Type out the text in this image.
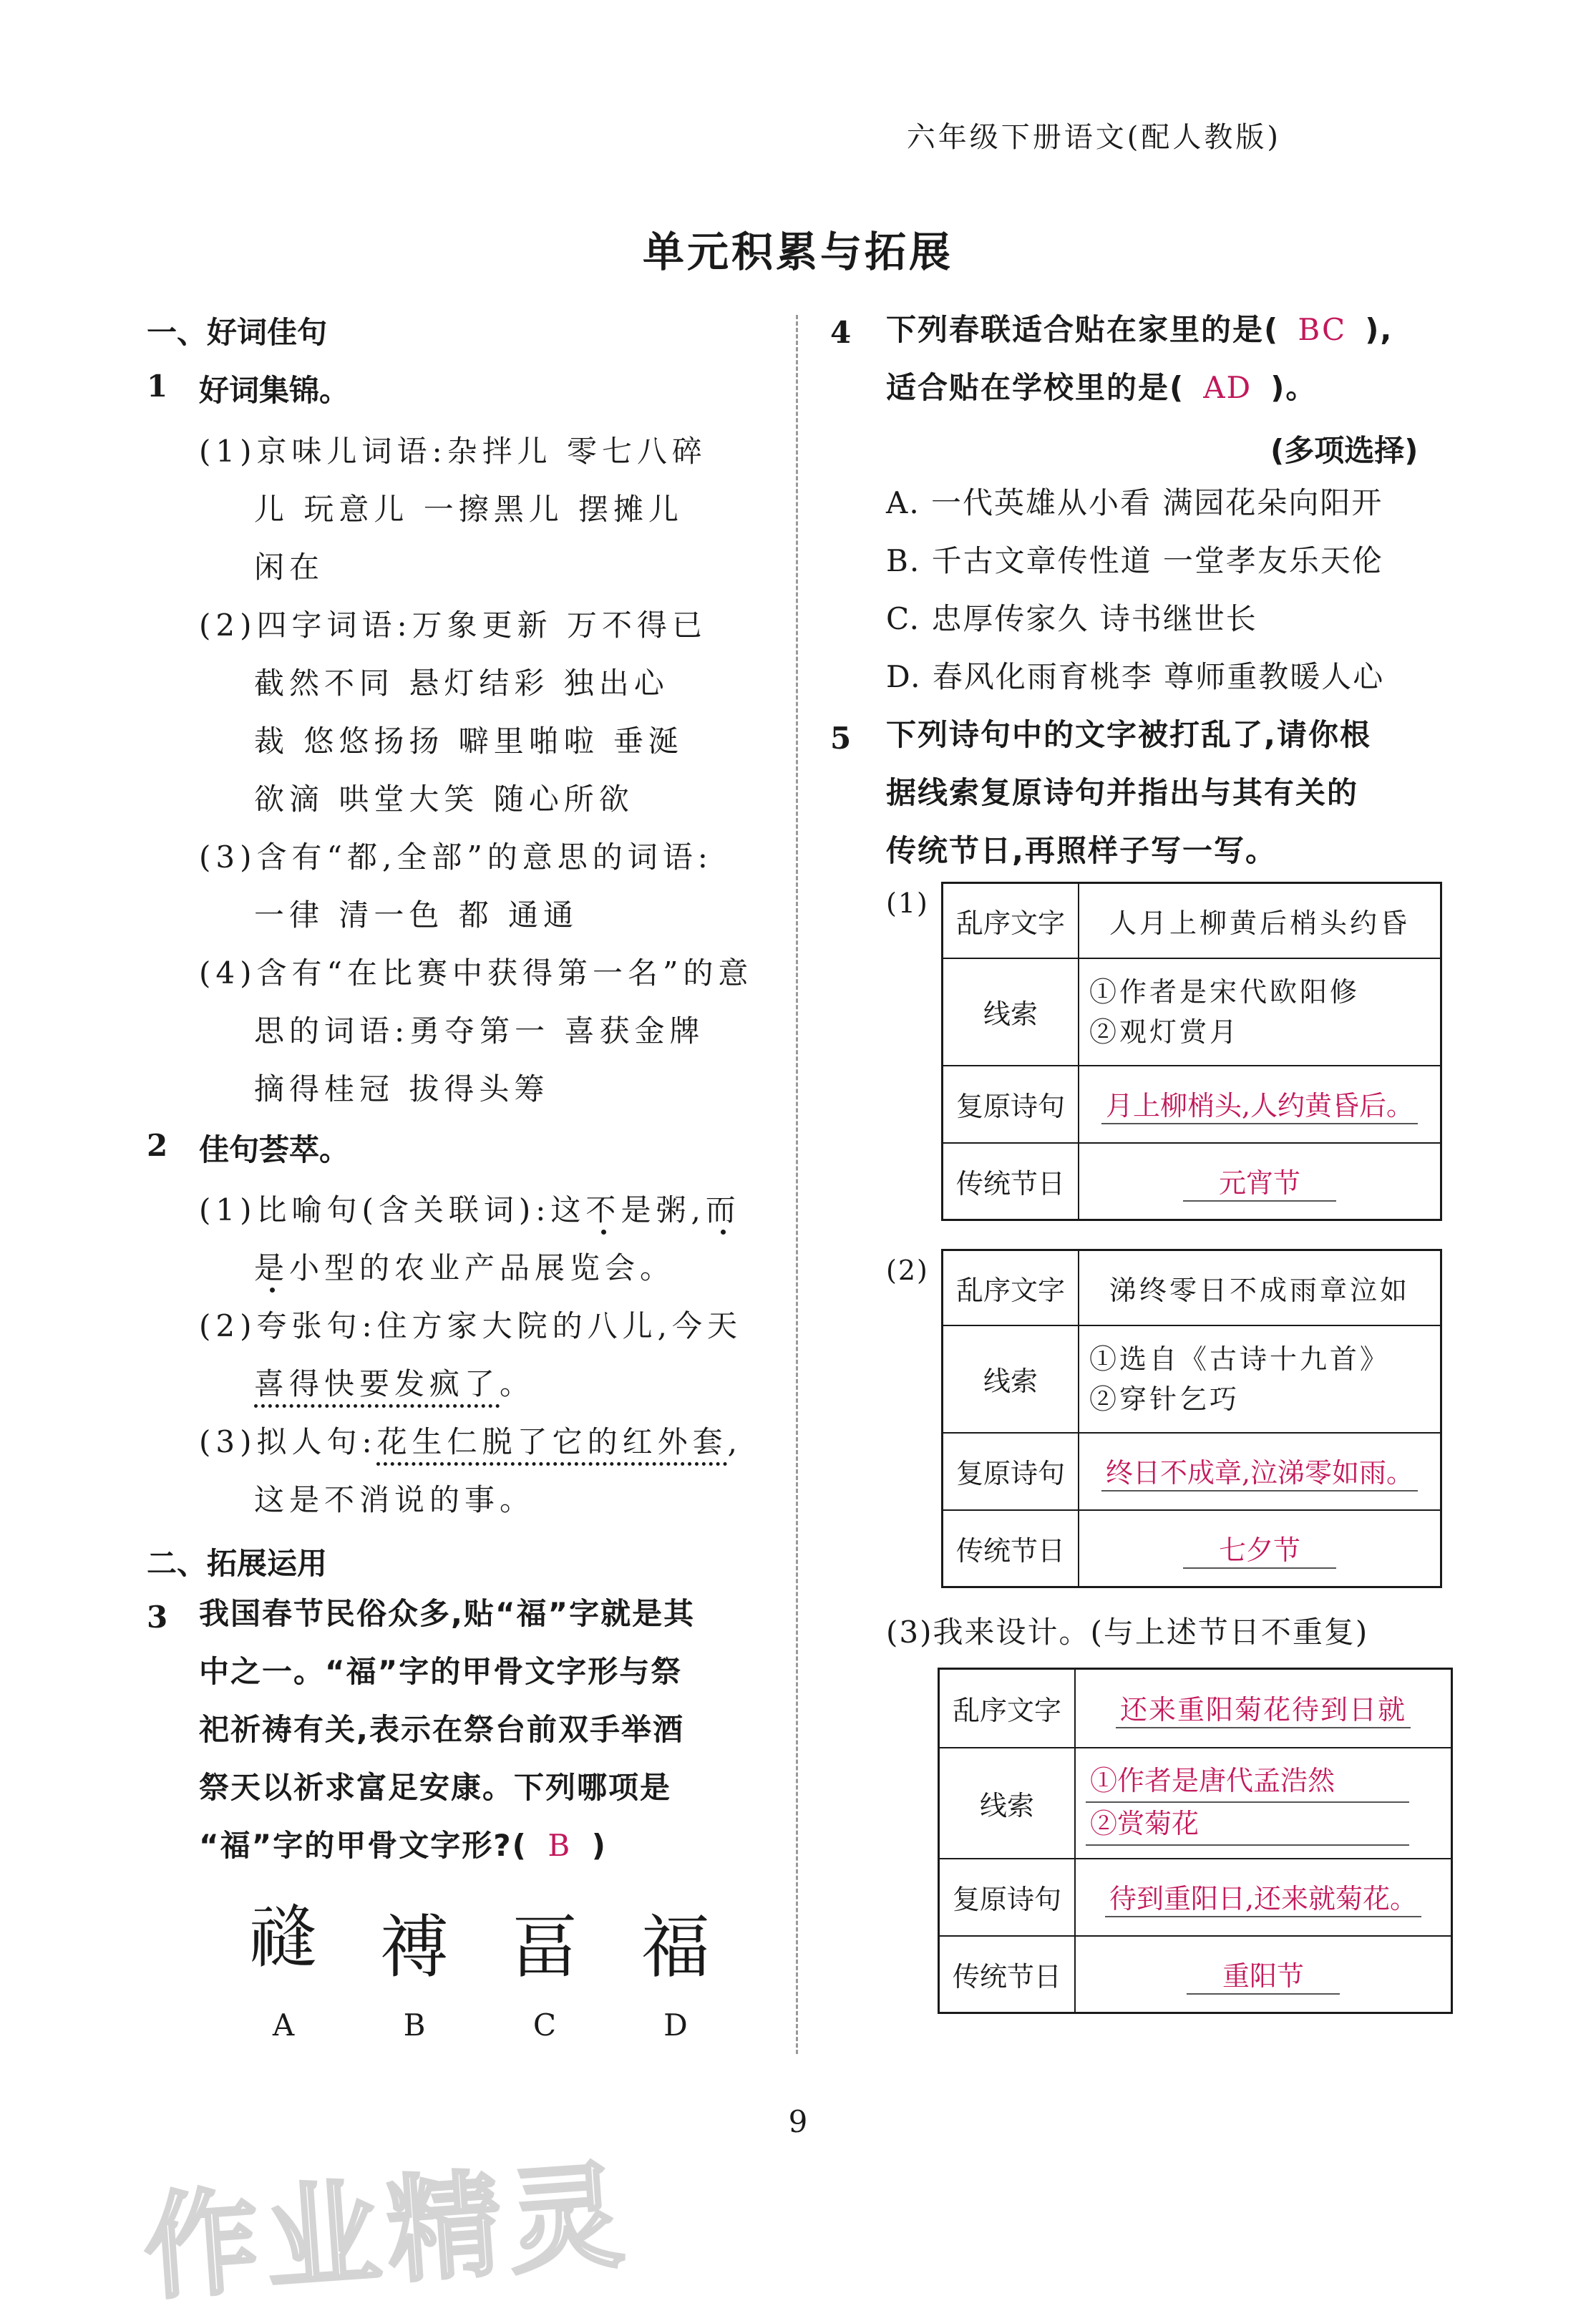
六年级下册语文(配人教版)
单元积累与拓展
一、好词佳句
1 好词集锦。
(1)京味儿词语:杂拌儿 零七八碎
儿 玩意儿 一擦黑儿 摆摊儿
闲在
(2)四字词语:万象更新 万不得已
截然不同 悬灯结彩 独出心
裁 悠悠扬扬 噼里啪啦 垂涎
欲滴 哄堂大笑 随心所欲
(3)含有“都,全部”的意思的词语:
一律 清一色 都 通通
(4)含有“在比赛中获得第一名”的意
思的词语:勇夺第一 喜获金牌
摘得桂冠 拔得头筹
2 佳句荟萃。
(1)比喻句(含关联词):这不是粥,而
是小型的农业产品展览会。
(2)夸张句:住方家大院的八儿,今天
喜得快要发疯了。
(3)拟人句:花生仁脱了它的红外套,
这是不消说的事。
二、拓展运用
3 我国春节民俗众多,贴“福”字就是其
中之一。“福”字的甲骨文字形与祭
祀祈祷有关,表示在祭台前双手举酒
祭天以祈求富足安康。下列哪项是
“福”字的甲骨文字形?( B )
𥛝 禣 畐 福
A	B	C	D
4 下列春联适合贴在家里的是( BC ),
适合贴在学校里的是( AD )。
(多项选择)
A. 一代英雄从小看 满园花朵向阳开
B. 千古文章传性道 一堂孝友乐天伦
C. 忠厚传家久 诗书继世长
D. 春风化雨育桃李 尊师重教暖人心
5 下列诗句中的文字被打乱了,请你根
据线索复原诗句并指出与其有关的
传统节日,再照样子写一写。
(1)
乱序文字	人月上柳黄后梢头约昏
线索	①作者是宋代欧阳修
②观灯赏月

复原诗句	月上柳梢头,人约黄昏后。
传统节日	元宵节
(2)
乱序文字	涕终零日不成雨章泣如
线索	①选自《古诗十九首》
②穿针乞巧

复原诗句	终日不成章,泣涕零如雨。
传统节日	七夕节
(3)我来设计。(与上述节日不重复)
乱序文字	还来重阳菊花待到日就
线索	①作者是唐代孟浩然
②赏菊花

复原诗句	待到重阳日,还来就菊花。
传统节日	重阳节
9
作业精灵
